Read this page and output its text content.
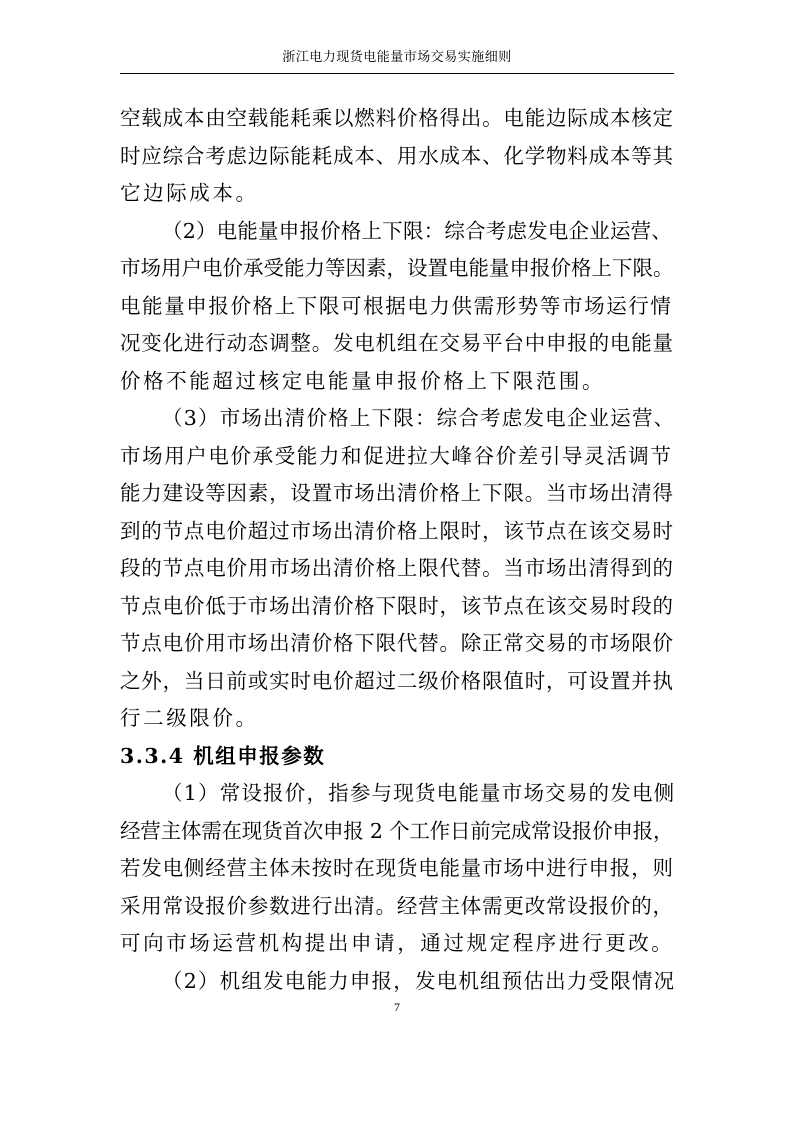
浙江电力现货电能量市场交易实施细则
空载成本由空载能耗乘以燃料价格得出。电能边际成本核定
时应综合考虑边际能耗成本、用水成本、化学物料成本等其
它边际成本。
（2）电能量申报价格上下限：综合考虑发电企业运营、
市场用户电价承受能力等因素，设置电能量申报价格上下限。
电能量申报价格上下限可根据电力供需形势等市场运行情
况变化进行动态调整。发电机组在交易平台中申报的电能量
价格不能超过核定电能量申报价格上下限范围。
（3）市场出清价格上下限：综合考虑发电企业运营、
市场用户电价承受能力和促进拉大峰谷价差引导灵活调节
能力建设等因素，设置市场出清价格上下限。当市场出清得
到的节点电价超过市场出清价格上限时，该节点在该交易时
段的节点电价用市场出清价格上限代替。当市场出清得到的
节点电价低于市场出清价格下限时，该节点在该交易时段的
节点电价用市场出清价格下限代替。除正常交易的市场限价
之外，当日前或实时电价超过二级价格限值时，可设置并执
行二级限价。
3.3.4 机组申报参数
（1）常设报价，指参与现货电能量市场交易的发电侧
经营主体需在现货首次申报 2 个工作日前完成常设报价申报，
若发电侧经营主体未按时在现货电能量市场中进行申报，则
采用常设报价参数进行出清。经营主体需更改常设报价的，
可向市场运营机构提出申请，通过规定程序进行更改。
（2）机组发电能力申报，发电机组预估出力受限情况
7
